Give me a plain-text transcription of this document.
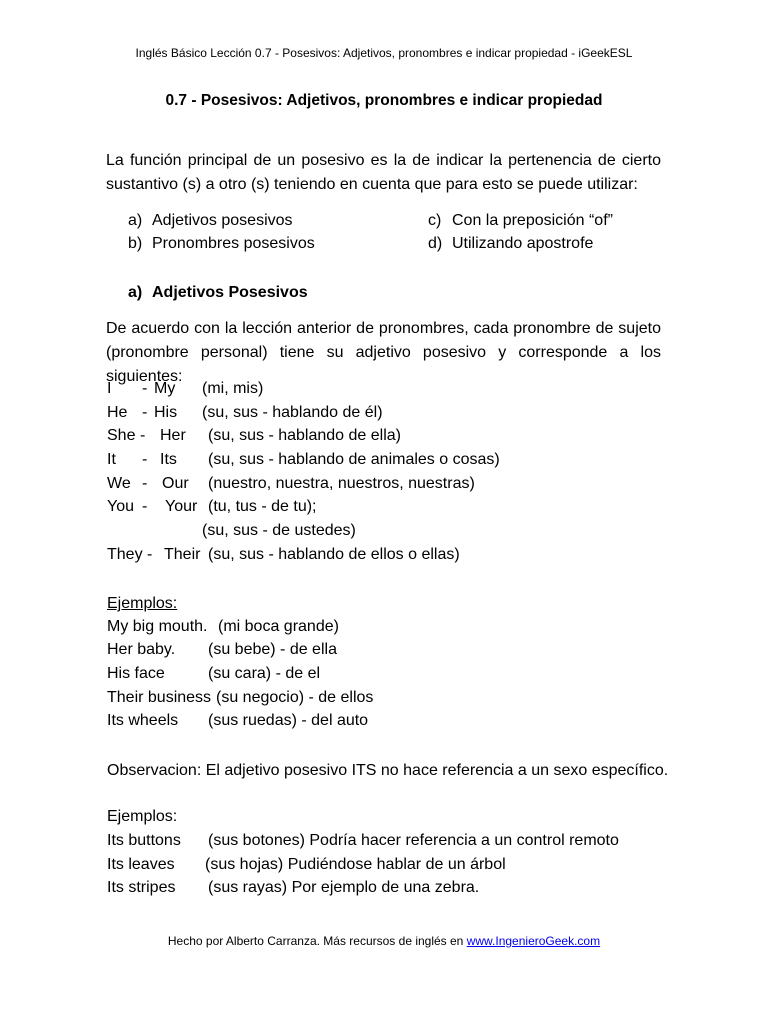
Inglés Básico Lección 0.7 - Posesivos: Adjetivos, pronombres e indicar propiedad - iGeekESL
0.7 - Posesivos: Adjetivos, pronombres e indicar propiedad
La función principal de un posesivo es la de indicar la pertenencia de cierto sustantivo (s) a otro (s) teniendo en cuenta que para esto se puede utilizar:
a) Adjetivos posesivos
b) Pronombres posesivos
c) Con la preposición “of”
d) Utilizando apostrofe
a) Adjetivos Posesivos
De acuerdo con la lección anterior de pronombres, cada pronombre de sujeto (pronombre personal) tiene su adjetivo posesivo y corresponde a los siguientes:
I - My (mi, mis)
He - His (su, sus - hablando de él)
She - Her (su, sus - hablando de ella)
It - Its (su, sus - hablando de animales o cosas)
We - Our (nuestro, nuestra, nuestros, nuestras)
You - Your (tu, tus - de tu);
(su, sus - de ustedes)
They - Their (su, sus - hablando de ellos o ellas)
Ejemplos:
My big mouth. (mi boca grande)
Her baby. (su bebe) - de ella
His face	(su cara) - de el
Their business (su negocio) - de ellos
Its wheels (sus ruedas) - del auto
Observacion: El adjetivo posesivo ITS no hace referencia a un sexo específico.
Ejemplos:
Its buttons (sus botones) Podría hacer referencia a un control remoto
Its leaves (sus hojas) Pudiéndose hablar de un árbol
Its stripes (sus rayas) Por ejemplo de una zebra.
Hecho por Alberto Carranza. Más recursos de inglés en www.IngenieroGeek.com
